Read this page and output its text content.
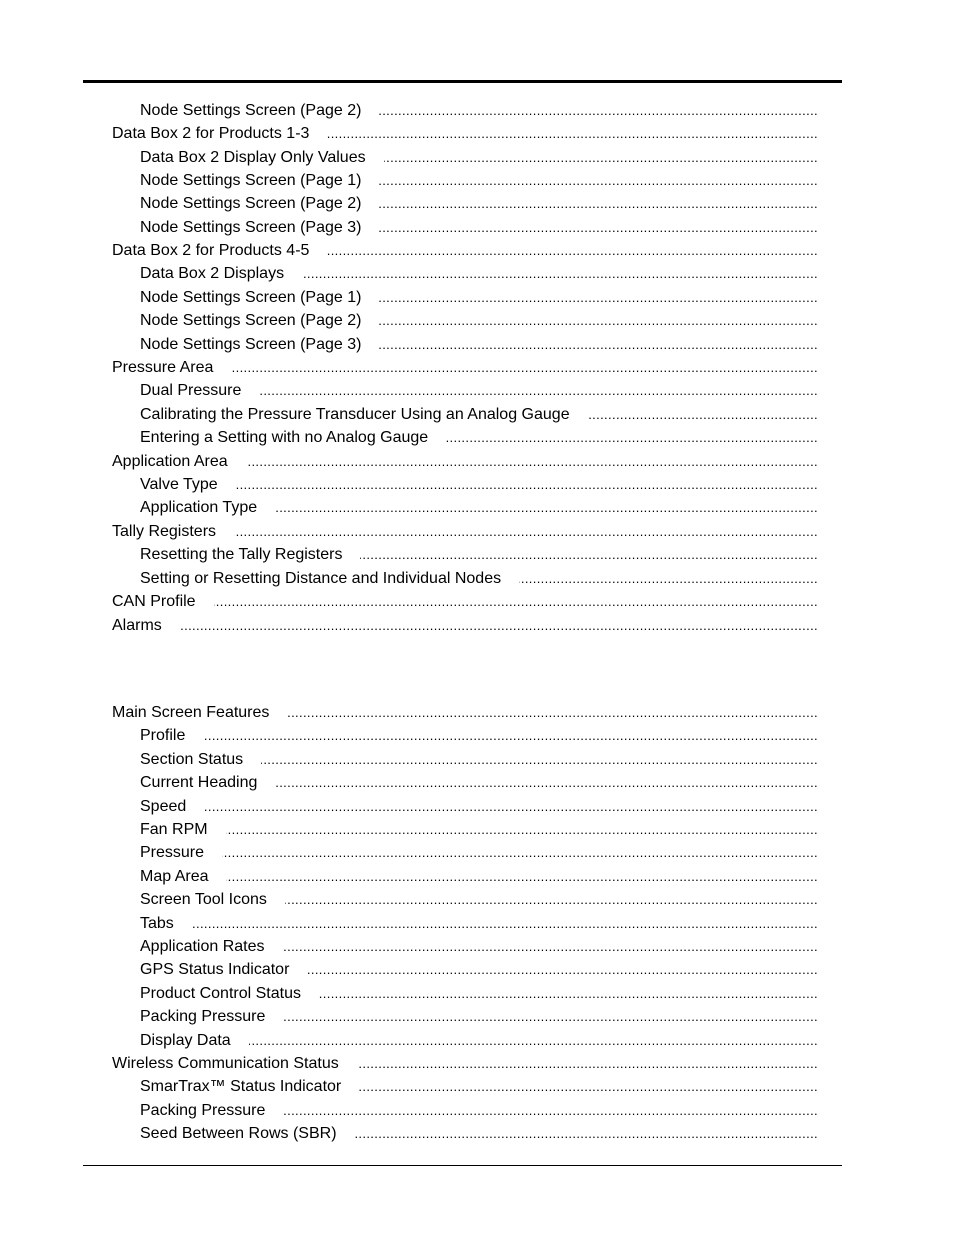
Node Settings Screen (Page 2)
.....
Data Box 2 for Products 1-3
.....
Data Box 2 Display Only Values
.....
Node Settings Screen (Page 1)
.....
Node Settings Screen (Page 2)
.....
Node Settings Screen (Page 3)
.....
Data Box 2 for Products 4-5
.....
Data Box 2 Displays
.....
Node Settings Screen (Page 1)
.....
Node Settings Screen (Page 2)
.....
Node Settings Screen (Page 3)
.....
Pressure Area
.....
Dual Pressure
.....
Calibrating the Pressure Transducer Using an Analog Gauge
.....
Entering a Setting with no Analog Gauge
.....
Application Area
.....
Valve Type
.....
Application Type
.....
Tally Registers
.....
Resetting the Tally Registers
.....
Setting or Resetting Distance and Individual Nodes
.....
CAN Profile
.....
Alarms
.....
Main Screen Features
.....
Profile
.....
Section Status
.....
Current Heading
.....
Speed
.....
Fan RPM
.....
Pressure
.....
Map Area
.....
Screen Tool Icons
.....
Tabs
.....
Application Rates
.....
GPS Status Indicator
.....
Product Control Status
.....
Packing Pressure
.....
Display Data
.....
Wireless Communication Status
.....
SmarTrax™ Status Indicator
.....
Packing Pressure
.....
Seed Between Rows (SBR)
.....
